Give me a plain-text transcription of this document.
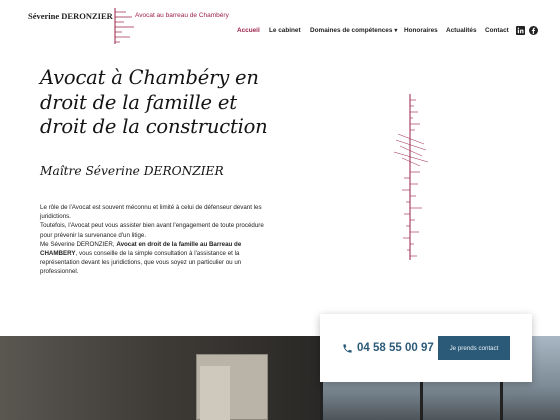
Séverine DERONZIER	Avocat au barreau de Chambéry
Accueil Le cabinet Domaines de compétences ▾ Honoraires Actualités Contact
Avocat à Chambéry en droit de la famille et droit de la construction
Maître Séverine DERONZIER

Le rôle de l'Avocat est souvent méconnu et limité à celui de défenseur devant les juridictions.

Toutefois, l'Avocat peut vous assister bien avant l'engagement de toute procédure pour prévenir la survenance d'un litige.

Me Séverine DERONZIER, Avocat en droit de la famille au Barreau de CHAMBERY, vous conseille de la simple consultation à l'assistance et la représentation devant les juridictions, que vous soyez un particulier ou un professionnel.

04 58 55 00 97	Je prends contact
